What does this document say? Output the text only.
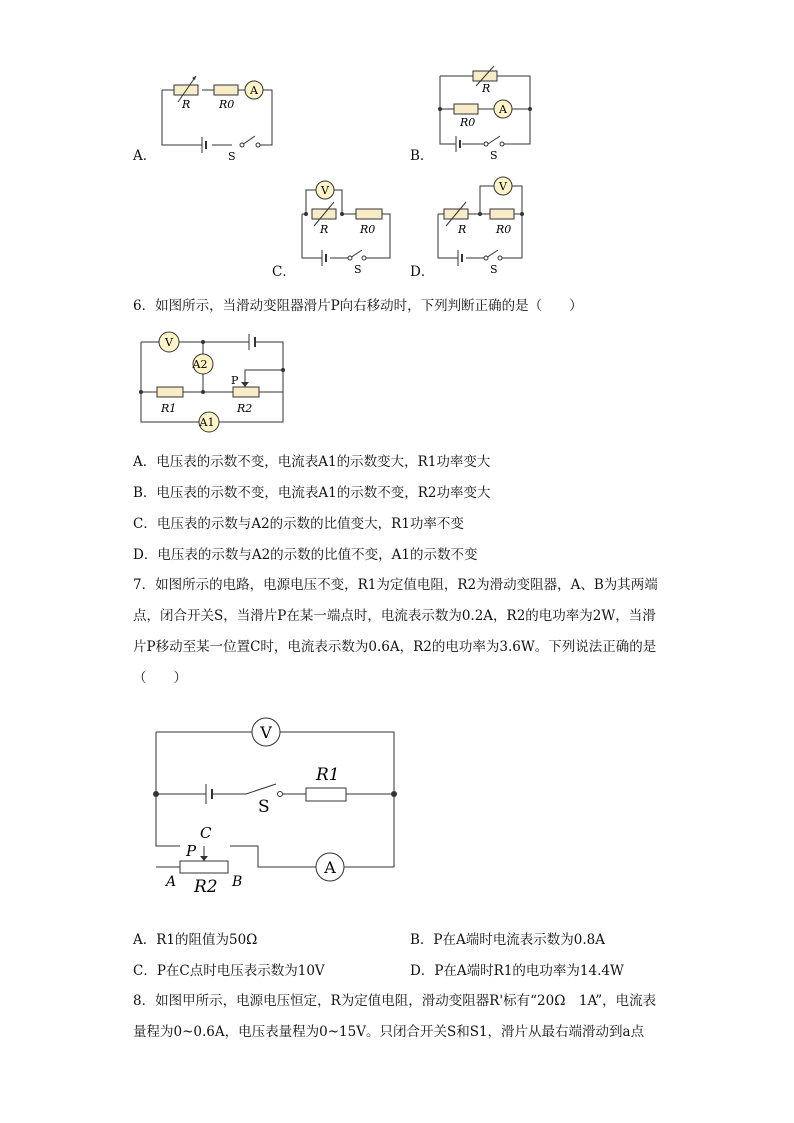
A．
A
R	R0
S	B．
A
R
R0
S
C．
V
R	R0
S	D．
V
R	R0
S
6．如图所示，当滑动变阻器滑片P向右移动时，下列判断正确的是（　　）
V
A2
A1
P
R1	R2
A．电压表的示数不变，电流表A1的示数变大，R1功率变大
B．电压表的示数不变，电流表A1的示数不变，R2功率变大
C．电压表的示数与A2的示数的比值变大，R1功率不变
D．电压表的示数与A2的示数的比值不变，A1的示数不变
7．如图所示的电路，电源电压不变，R1为定值电阻，R2为滑动变阻器，A、B为其两端点，闭合开关S，当滑片P在某一端点时，电流表示数为0.2A，R2的电功率为2W，当滑片P移动至某一位置C时，电流表示数为0.6A，R2的电功率为3.6W。下列说法正确的是（　　）
V
A
S
R1
C
P
A	B
R2
A．R1的阻值为50Ω	B．P在A端时电流表示数为0.8A
C．P在C点时电压表示数为10V	D．P在A端时R1的电功率为14.4W
8．如图甲所示，电源电压恒定，R为定值电阻，滑动变阻器R'标有“20Ω　1A”，电流表量程为0~0.6A，电压表量程为0~15V。只闭合开关S和S1，滑片从最右端滑动到a点
